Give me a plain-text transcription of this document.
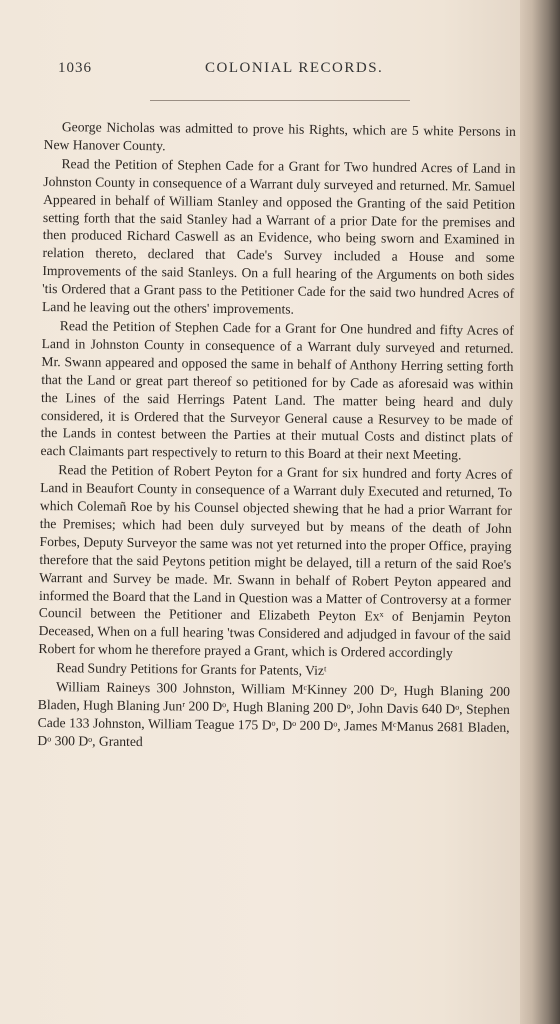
1036	COLONIAL RECORDS.

George Nicholas was admitted to prove his Rights, which are 5 white Persons in New Hanover County.

Read the Petition of Stephen Cade for a Grant for Two hundred Acres of Land in Johnston County in consequence of a Warrant duly surveyed and returned. Mr. Samuel Appeared in behalf of William Stanley and opposed the Granting of the said Petition setting forth that the said Stanley had a Warrant of a prior Date for the premises and then produced Richard Caswell as an Evidence, who being sworn and Examined in relation thereto, declared that Cade's Survey included a House and some Improvements of the said Stanleys. On a full hearing of the Arguments on both sides 'tis Ordered that a Grant pass to the Petitioner Cade for the said two hundred Acres of Land he leaving out the others' improvements.

Read the Petition of Stephen Cade for a Grant for One hundred and fifty Acres of Land in Johnston County in consequence of a Warrant duly surveyed and returned. Mr. Swann appeared and opposed the same in behalf of Anthony Herring setting forth that the Land or great part thereof so petitioned for by Cade as aforesaid was within the Lines of the said Herrings Patent Land. The matter being heard and duly considered, it is Ordered that the Surveyor General cause a Resurvey to be made of the Lands in contest between the Parties at their mutual Costs and distinct plats of each Claimants part respectively to return to this Board at their next Meeting.

Read the Petition of Robert Peyton for a Grant for six hundred and forty Acres of Land in Beaufort County in consequence of a Warrant duly Executed and returned, To which Colemañ Roe by his Counsel objected shewing that he had a prior Warrant for the Premises; which had been duly surveyed but by means of the death of John Forbes, Deputy Surveyor the same was not yet returned into the proper Office, praying therefore that the said Peytons petition might be delayed, till a return of the said Roe's Warrant and Survey be made. Mr. Swann in behalf of Robert Peyton appeared and informed the Board that the Land in Question was a Matter of Controversy at a former Council between the Petitioner and Elizabeth Peyton Exˣ of Benjamin Peyton Deceased, When on a full hearing 'twas Considered and adjudged in favour of the said Robert for whom he therefore prayed a Grant, which is Ordered accordingly

Read Sundry Petitions for Grants for Patents, Vizᵗ

William Raineys 300 Johnston, William MᶜKinney 200 Dᵒ, Hugh Blaning 200 Bladen, Hugh Blaning Junʳ 200 Dᵒ, Hugh Blaning 200 Dᵒ, John Davis 640 Dᵒ, Stephen Cade 133 Johnston, William Teague 175 Dᵒ, Dᵒ 200 Dᵒ, James MᶜManus 2681 Bladen, Dᵒ 300 Dᵒ, Granted
